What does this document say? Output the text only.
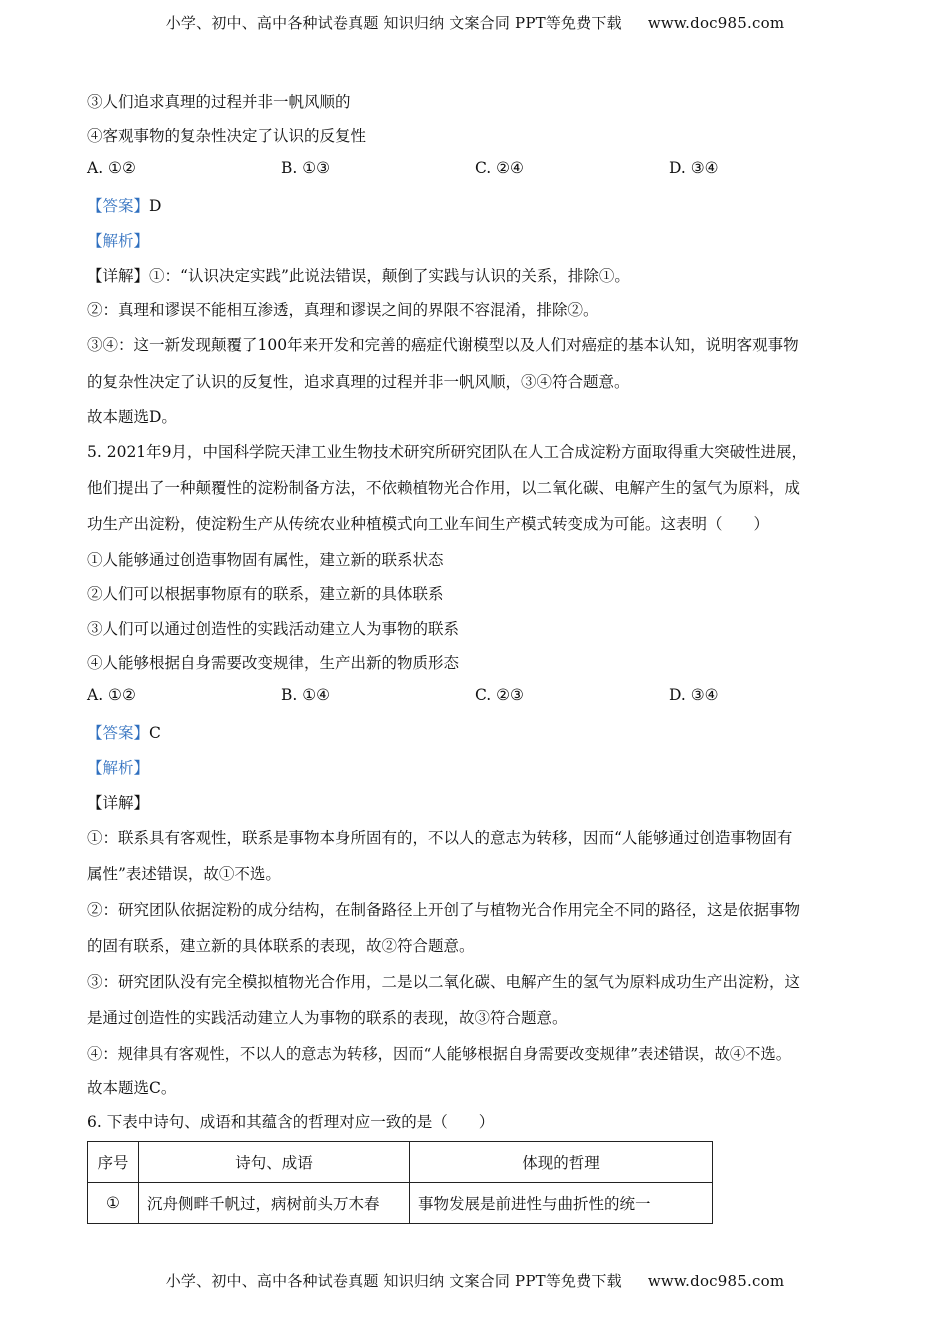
小学、初中、高中各种试卷真题 知识归纳 文案合同 PPT等免费下载 www.doc985.com
③人们追求真理的过程并非一帆风顺的
④客观事物的复杂性决定了认识的反复性
A. ①②	B. ①③	C. ②④	D. ③④
【答案】D
【解析】
【详解】①：“认识决定实践”此说法错误，颠倒了实践与认识的关系，排除①。
②：真理和谬误不能相互渗透，真理和谬误之间的界限不容混淆，排除②。
③④：这一新发现颠覆了100年来开发和完善的癌症代谢模型以及人们对癌症的基本认知，说明客观事物
的复杂性决定了认识的反复性，追求真理的过程并非一帆风顺，③④符合题意。
故本题选D。
5. 2021年9月，中国科学院天津工业生物技术研究所研究团队在人工合成淀粉方面取得重大突破性进展，
他们提出了一种颠覆性的淀粉制备方法，不依赖植物光合作用，以二氧化碳、电解产生的氢气为原料，成
功生产出淀粉，使淀粉生产从传统农业种植模式向工业车间生产模式转变成为可能。这表明（　　）
①人能够通过创造事物固有属性，建立新的联系状态
②人们可以根据事物原有的联系，建立新的具体联系
③人们可以通过创造性的实践活动建立人为事物的联系
④人能够根据自身需要改变规律，生产出新的物质形态
A. ①②	B. ①④	C. ②③	D. ③④
【答案】C
【解析】
【详解】
①：联系具有客观性，联系是事物本身所固有的，不以人的意志为转移，因而“人能够通过创造事物固有
属性”表述错误，故①不选。
②：研究团队依据淀粉的成分结构，在制备路径上开创了与植物光合作用完全不同的路径，这是依据事物
的固有联系，建立新的具体联系的表现，故②符合题意。
③：研究团队没有完全模拟植物光合作用，二是以二氧化碳、电解产生的氢气为原料成功生产出淀粉，这
是通过创造性的实践活动建立人为事物的联系的表现，故③符合题意。
④：规律具有客观性，不以人的意志为转移，因而“人能够根据自身需要改变规律”表述错误，故④不选。
故本题选C。
6. 下表中诗句、成语和其蕴含的哲理对应一致的是（　　）
序号	诗句、成语	体现的哲理
①	沉舟侧畔千帆过，病树前头万木春	事物发展是前进性与曲折性的统一
小学、初中、高中各种试卷真题 知识归纳 文案合同 PPT等免费下载 www.doc985.com
